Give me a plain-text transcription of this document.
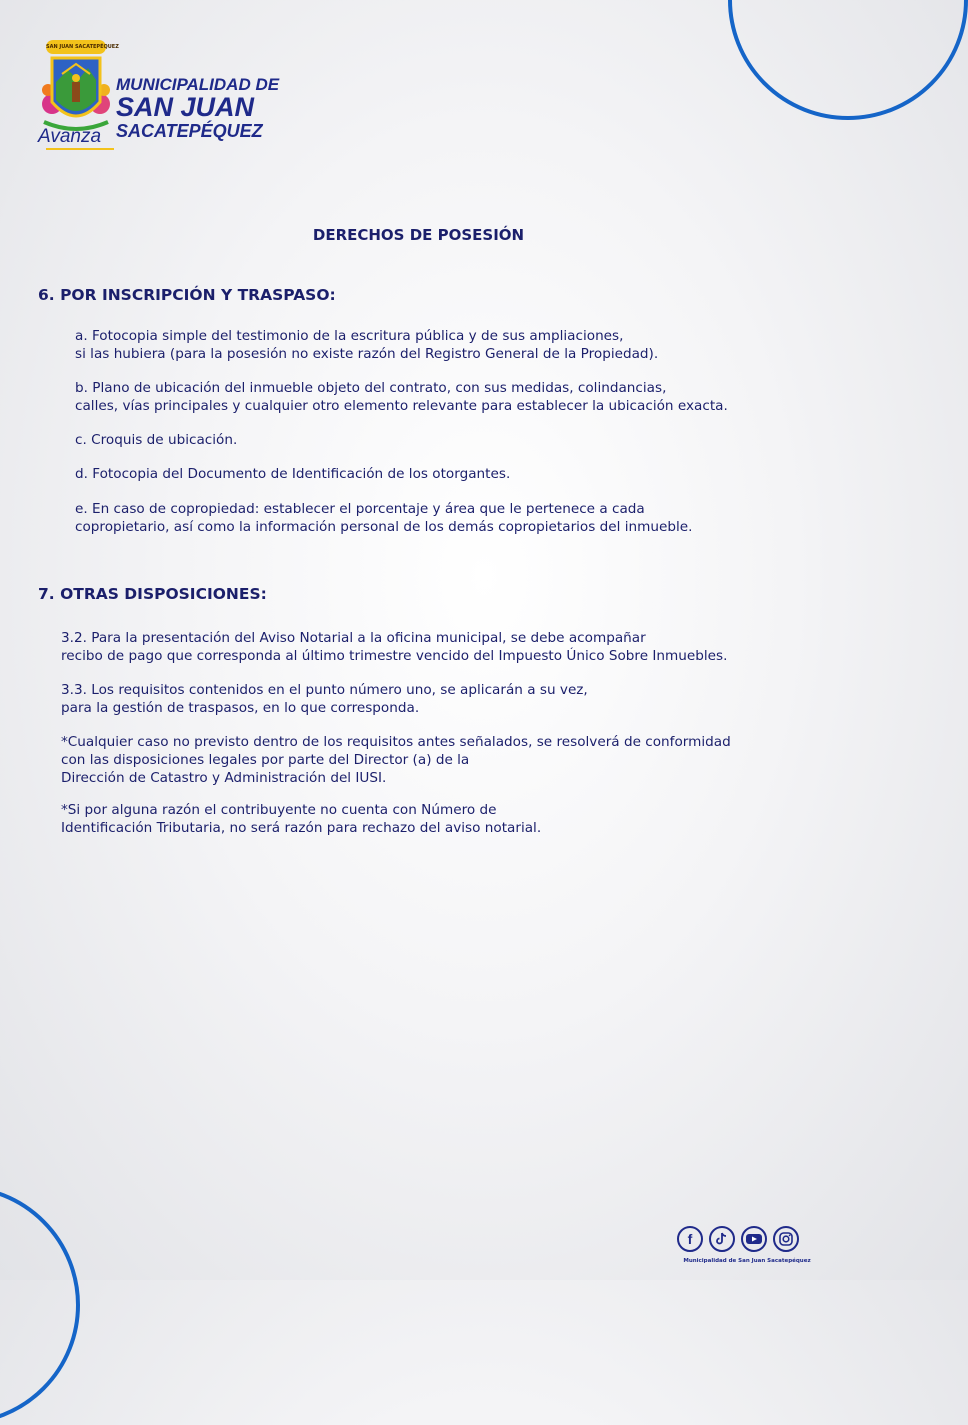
SAN JUAN SACATEPÉQUEZ
MUNICIPALIDAD DE
SAN JUAN
SACATEPÉQUEZ
Avanza
DERECHOS DE POSESIÓN
6. POR INSCRIPCIÓN Y TRASPASO:
a. Fotocopia simple del testimonio de la escritura pública y de sus ampliaciones,
si las hubiera (para la posesión no existe razón del Registro General de la Propiedad).
b. Plano de ubicación del inmueble objeto del contrato, con sus medidas, colindancias,
calles, vías principales y cualquier otro elemento relevante para establecer la ubicación exacta.
c. Croquis de ubicación.
d. Fotocopia del Documento de Identificación de los otorgantes.
e. En caso de copropiedad: establecer el porcentaje y área que le pertenece a cada
copropietario, así como la información personal de los demás copropietarios del inmueble.
7. OTRAS DISPOSICIONES:
3.2. Para la presentación del Aviso Notarial a la oficina municipal, se debe acompañar
recibo de pago que corresponda al último trimestre vencido del Impuesto Único Sobre Inmuebles.
3.3. Los requisitos contenidos en el punto número uno, se aplicarán a su vez,
para la gestión de traspasos, en lo que corresponda.
*Cualquier caso no previsto dentro de los requisitos antes señalados, se resolverá de conformidad
con las disposiciones legales por parte del Director (a) de la
Dirección de Catastro y Administración del IUSI.
*Si por alguna razón el contribuyente no cuenta con Número de
Identificación Tributaria, no será razón para rechazo del aviso notarial.
f
Municipalidad de San Juan Sacatepéquez
